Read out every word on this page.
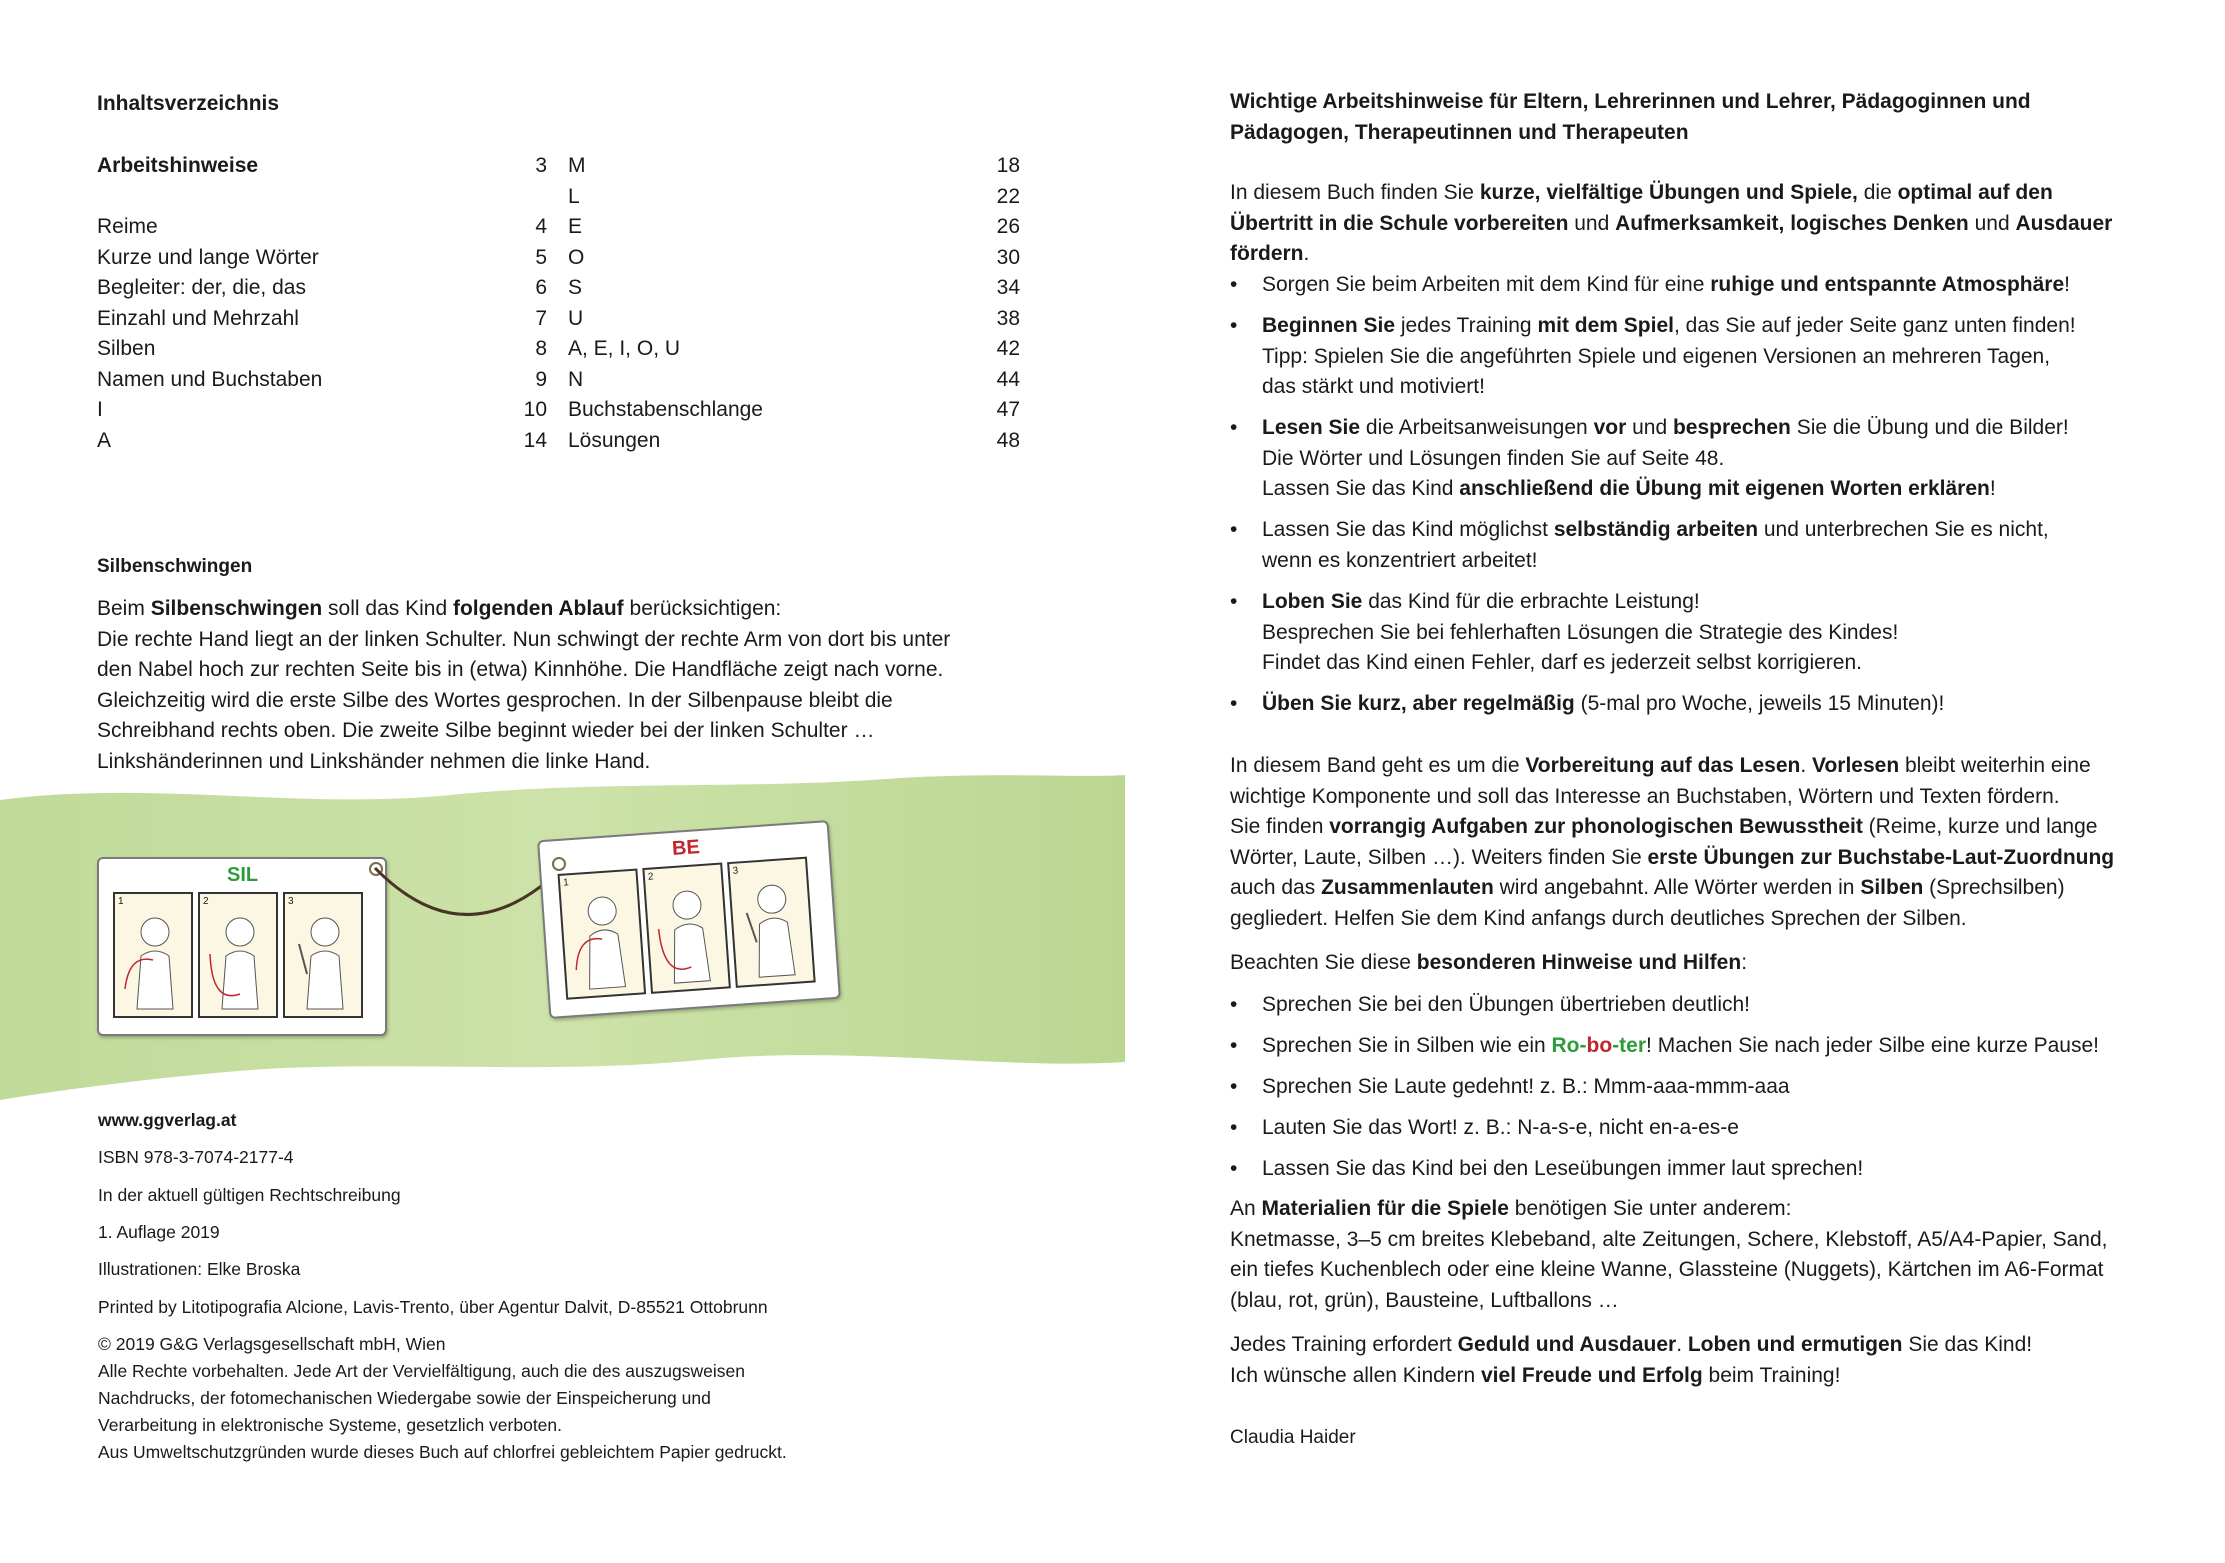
Inhaltsverzeichnis
Arbeitshinweise	3
Reime	4
Kurze und lange Wörter	5
Begleiter: der, die, das	6
Einzahl und Mehrzahl	7
Silben	8
Namen und Buchstaben	9
I	10
A	14
M	18
L	22
E	26
O	30
S	34
U	38
A, E, I, O, U	42
N	44
Buchstabenschlange	47
Lösungen	48
Silbenschwingen
Beim Silbenschwingen soll das Kind folgenden Ablauf berücksichtigen:
Die rechte Hand liegt an der linken Schulter. Nun schwingt der rechte Arm von dort bis unter
den Nabel hoch zur rechten Seite bis in (etwa) Kinnhöhe. Die Handfläche zeigt nach vorne.
Gleichzeitig wird die erste Silbe des Wortes gesprochen. In der Silbenpause bleibt die
Schreibhand rechts oben. Die zweite Silbe beginnt wieder bei der linken Schulter …
Linkshänderinnen und Linkshänder nehmen die linke Hand.
SIL
1	2	3
BE
1
2
3
www.ggverlag.at
ISBN 978-3-7074-2177-4
In der aktuell gültigen Rechtschreibung
1. Auflage 2019
Illustrationen: Elke Broska
Printed by Litotipografia Alcione, Lavis-Trento, über Agentur Dalvit, D-85521 Ottobrunn
© 2019 G&G Verlagsgesellschaft mbH, Wien
Alle Rechte vorbehalten. Jede Art der Vervielfältigung, auch die des auszugsweisen
Nachdrucks, der fotomechanischen Wiedergabe sowie der Einspeicherung und
Verarbeitung in elektronische Systeme, gesetzlich verboten.
Aus Umweltschutzgründen wurde dieses Buch auf chlorfrei gebleichtem Papier gedruckt.
Wichtige Arbeitshinweise für Eltern, Lehrerinnen und Lehrer, Pädagoginnen und
Pädagogen, Therapeutinnen und Therapeuten
In diesem Buch finden Sie kurze, vielfältige Übungen und Spiele, die optimal auf den
Übertritt in die Schule vorbereiten und Aufmerksamkeit, logisches Denken und Ausdauer
fördern.
• Sorgen Sie beim Arbeiten mit dem Kind für eine ruhige und entspannte Atmosphäre!
• Beginnen Sie jedes Training mit dem Spiel, das Sie auf jeder Seite ganz unten finden!
Tipp: Spielen Sie die angeführten Spiele und eigenen Versionen an mehreren Tagen,
das stärkt und motiviert!
• Lesen Sie die Arbeitsanweisungen vor und besprechen Sie die Übung und die Bilder!
Die Wörter und Lösungen finden Sie auf Seite 48.
Lassen Sie das Kind anschließend die Übung mit eigenen Worten erklären!
• Lassen Sie das Kind möglichst selbständig arbeiten und unterbrechen Sie es nicht,
wenn es konzentriert arbeitet!
• Loben Sie das Kind für die erbrachte Leistung!
Besprechen Sie bei fehlerhaften Lösungen die Strategie des Kindes!
Findet das Kind einen Fehler, darf es jederzeit selbst korrigieren.
• Üben Sie kurz, aber regelmäßig (5-mal pro Woche, jeweils 15 Minuten)!
In diesem Band geht es um die Vorbereitung auf das Lesen. Vorlesen bleibt weiterhin eine
wichtige Komponente und soll das Interesse an Buchstaben, Wörtern und Texten fördern.
Sie finden vorrangig Aufgaben zur phonologischen Bewusstheit (Reime, kurze und lange
Wörter, Laute, Silben …). Weiters finden Sie erste Übungen zur Buchstabe-Laut-Zuordnung
auch das Zusammenlauten wird angebahnt. Alle Wörter werden in Silben (Sprechsilben)
gegliedert. Helfen Sie dem Kind anfangs durch deutliches Sprechen der Silben.
Beachten Sie diese besonderen Hinweise und Hilfen:
• Sprechen Sie bei den Übungen übertrieben deutlich!
• Sprechen Sie in Silben wie ein Ro-bo-ter! Machen Sie nach jeder Silbe eine kurze Pause!
• Sprechen Sie Laute gedehnt! z. B.: Mmm-aaa-mmm-aaa
• Lauten Sie das Wort! z. B.: N-a-s-e, nicht en-a-es-e
• Lassen Sie das Kind bei den Leseübungen immer laut sprechen!
An Materialien für die Spiele benötigen Sie unter anderem:
Knetmasse, 3–5 cm breites Klebeband, alte Zeitungen, Schere, Klebstoff, A5/A4-Papier, Sand,
ein tiefes Kuchenblech oder eine kleine Wanne, Glassteine (Nuggets), Kärtchen im A6-Format
(blau, rot, grün), Bausteine, Luftballons …
Jedes Training erfordert Geduld und Ausdauer. Loben und ermutigen Sie das Kind!
Ich wünsche allen Kindern viel Freude und Erfolg beim Training!
Claudia Haider
